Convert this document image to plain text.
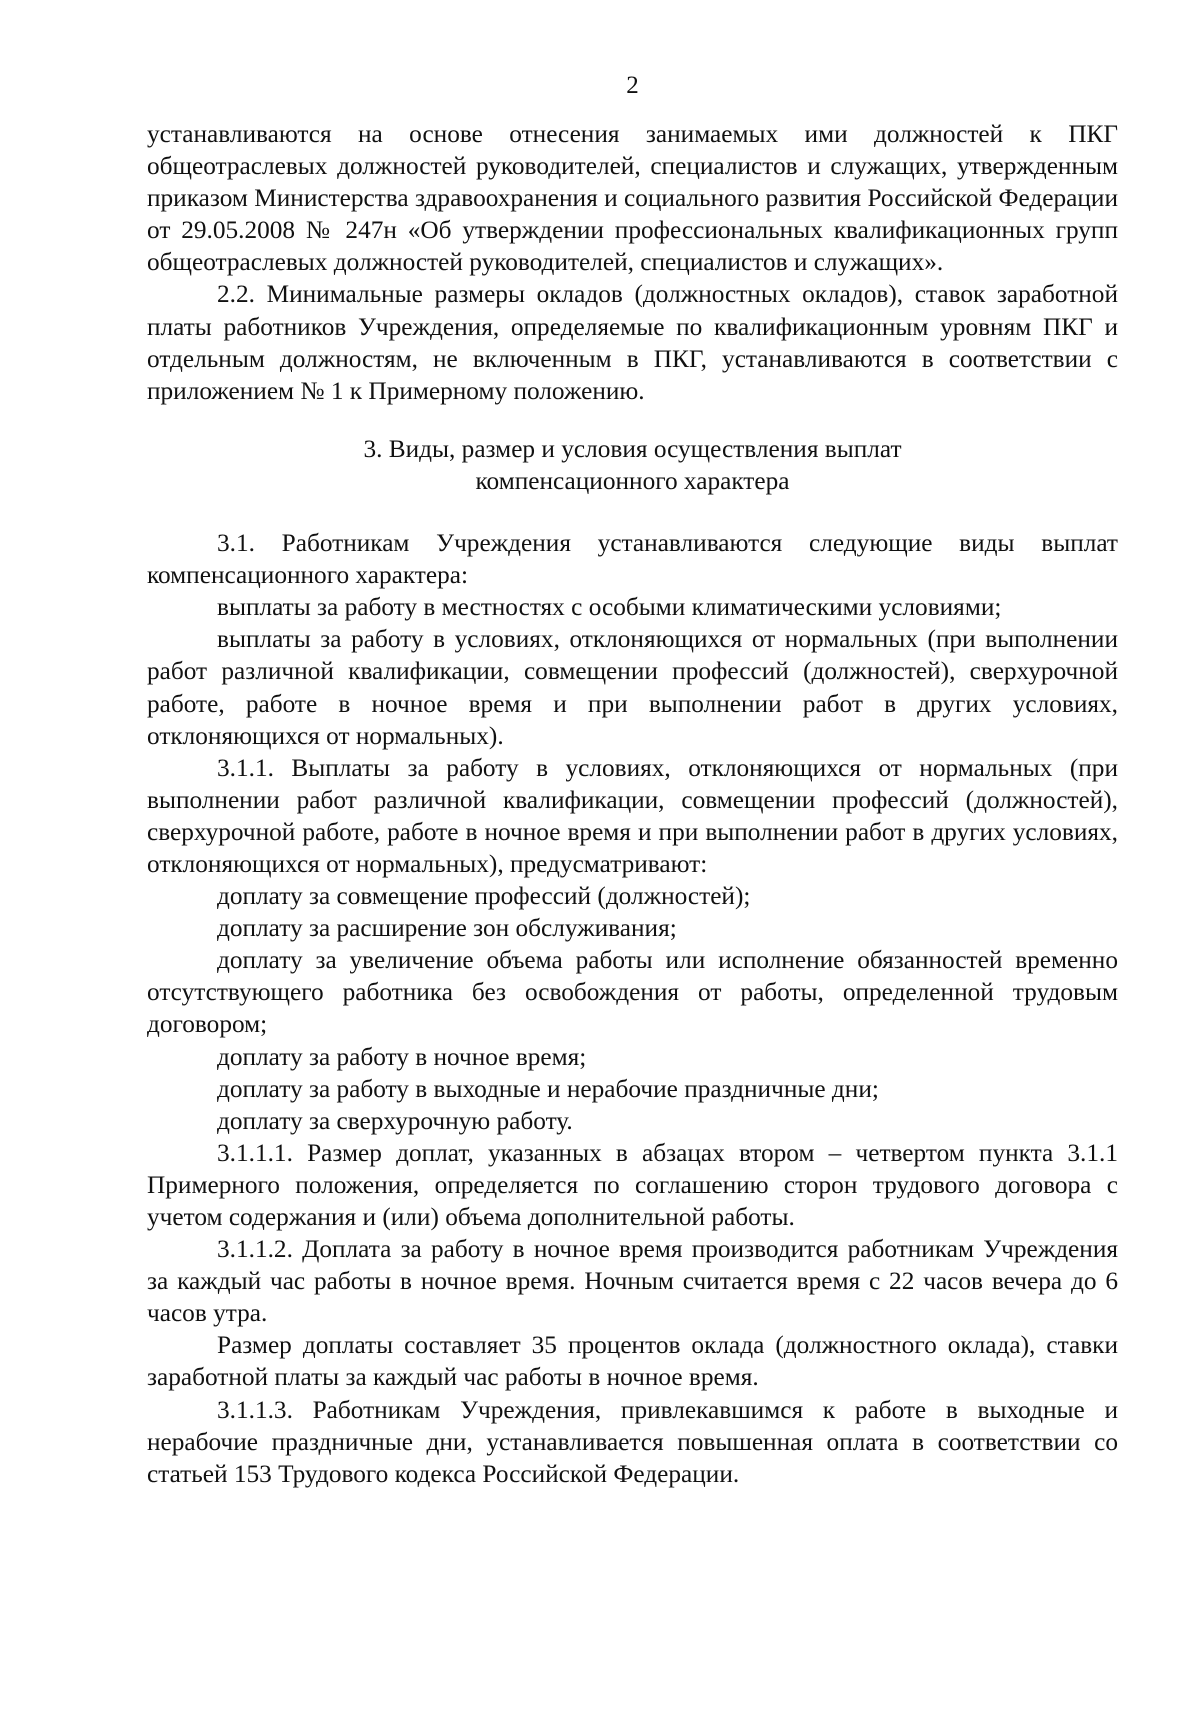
2

устанавливаются на основе отнесения занимаемых ими должностей к ПКГ общеотраслевых должностей руководителей, специалистов и служащих, утвержденным приказом Министерства здравоохранения и социального развития Российской Федерации от 29.05.2008 № 247н «Об утверждении профессиональных квалификационных групп общеотраслевых должностей руководителей, специалистов и служащих».

2.2. Минимальные размеры окладов (должностных окладов), ставок заработной платы работников Учреждения, определяемые по квалификационным уровням ПКГ и отдельным должностям, не включенным в ПКГ, устанавливаются в соответствии с приложением № 1 к Примерному положению.

3. Виды, размер и условия осуществления выплат
компенсационного характера

3.1. Работникам Учреждения устанавливаются следующие виды выплат компенсационного характера:

выплаты за работу в местностях с особыми климатическими условиями;

выплаты за работу в условиях, отклоняющихся от нормальных (при выполнении работ различной квалификации, совмещении профессий (должностей), сверхурочной работе, работе в ночное время и при выполнении работ в других условиях, отклоняющихся от нормальных).

3.1.1. Выплаты за работу в условиях, отклоняющихся от нормальных (при выполнении работ различной квалификации, совмещении профессий (должностей), сверхурочной работе, работе в ночное время и при выполнении работ в других условиях, отклоняющихся от нормальных), предусматривают:

доплату за совмещение профессий (должностей);

доплату за расширение зон обслуживания;

доплату за увеличение объема работы или исполнение обязанностей временно отсутствующего работника без освобождения от работы, определенной трудовым договором;

доплату за работу в ночное время;

доплату за работу в выходные и нерабочие праздничные дни;

доплату за сверхурочную работу.

3.1.1.1. Размер доплат, указанных в абзацах втором – четвертом пункта 3.1.1 Примерного положения, определяется по соглашению сторон трудового договора с учетом содержания и (или) объема дополнительной работы.

3.1.1.2. Доплата за работу в ночное время производится работникам Учреждения за каждый час работы в ночное время. Ночным считается время с 22 часов вечера до 6 часов утра.

Размер доплаты составляет 35 процентов оклада (должностного оклада), ставки заработной платы за каждый час работы в ночное время.

3.1.1.3. Работникам Учреждения, привлекавшимся к работе в выходные и нерабочие праздничные дни, устанавливается повышенная оплата в соответствии со статьей 153 Трудового кодекса Российской Федерации.
